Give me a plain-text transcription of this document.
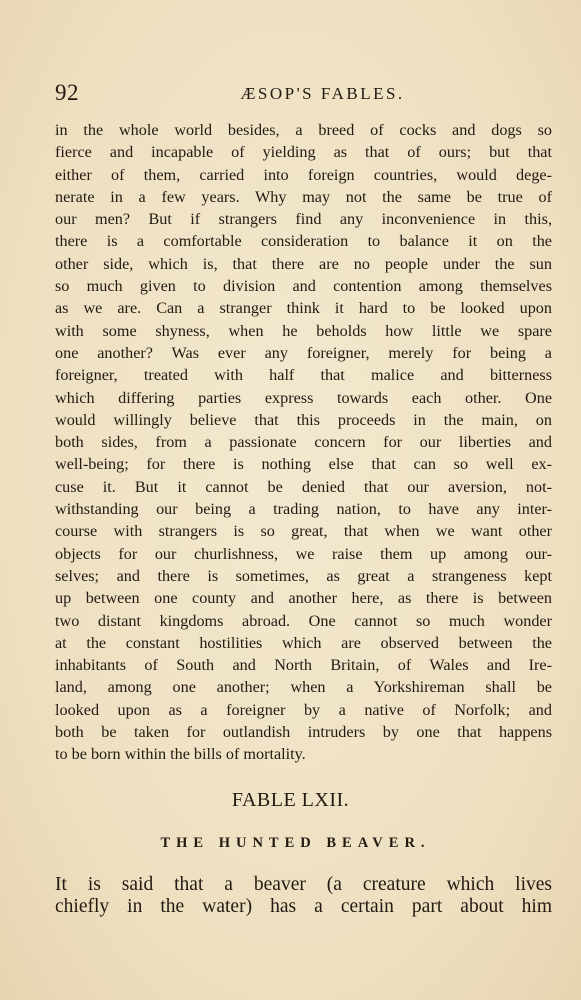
92	ÆSOP'S FABLES.
in the whole world besides, a breed of cocks and dogs so
fierce and incapable of yielding as that of ours; but that
either of them, carried into foreign countries, would dege-
nerate in a few years. Why may not the same be true of
our men? But if strangers find any inconvenience in this,
there is a comfortable consideration to balance it on the
other side, which is, that there are no people under the sun
so much given to division and contention among themselves
as we are. Can a stranger think it hard to be looked upon
with some shyness, when he beholds how little we spare
one another? Was ever any foreigner, merely for being a
foreigner, treated with half that malice and bitterness
which differing parties express towards each other. One
would willingly believe that this proceeds in the main, on
both sides, from a passionate concern for our liberties and
well-being; for there is nothing else that can so well ex-
cuse it. But it cannot be denied that our aversion, not-
withstanding our being a trading nation, to have any inter-
course with strangers is so great, that when we want other
objects for our churlishness, we raise them up among our-
selves; and there is sometimes, as great a strangeness kept
up between one county and another here, as there is between
two distant kingdoms abroad. One cannot so much wonder
at the constant hostilities which are observed between the
inhabitants of South and North Britain, of Wales and Ire-
land, among one another; when a Yorkshireman shall be
looked upon as a foreigner by a native of Norfolk; and
both be taken for outlandish intruders by one that happens
to be born within the bills of mortality.
FABLE LXII.
THE HUNTED BEAVER.
It is said that a beaver (a creature which lives
chiefly in the water) has a certain part about him
